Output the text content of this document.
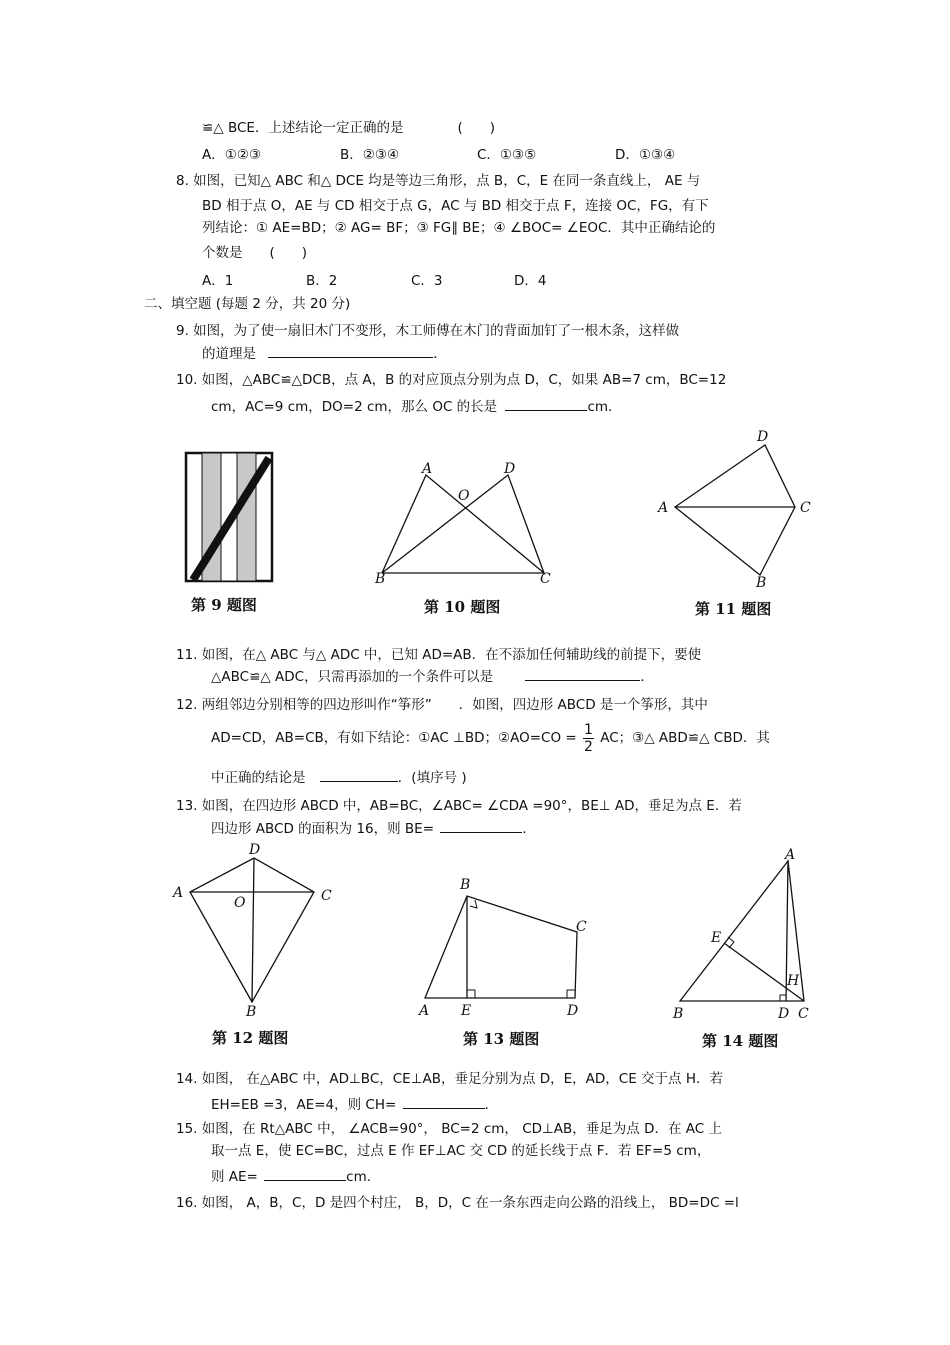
≌△ BCE．上述结论一定正确的是　　　　(　　)
A．①②③	B．②③④	C．①③⑤	D．①③④
8. 如图，已知△ ABC 和△ DCE 均是等边三角形，点 B，C，E 在同一条直线上， AE 与
BD 相于点 O，AE 与 CD 相交于点 G，AC 与 BD 相交于点 F，连接 OC，FG，有下
列结论：① AE=BD；② AG= BF；③ FG∥ BE；④ ∠BOC= ∠EOC．其中正确结论的
个数是　　(　　)
A．1	B．2	C．3	D．4
二、填空题 (每题 2 分，共 20 分)
9. 如图，为了使一扇旧木门不变形，木工师傅在木门的背面加钉了一根木条，这样做
的道理是	．
10. 如图，△ABC≌△DCB，点 A，B 的对应顶点分别为点 D，C，如果 AB=7 cm，BC=12
cm，AC=9 cm，DO=2 cm，那么 OC 的长是	cm．
第 9 题图
A	D
O
B	C
第 10 题图
D
A	C
B
第 11 题图
11. 如图，在△ ABC 与△ ADC 中，已知 AD=AB．在不添加任何辅助线的前提下，要使
△ABC≌△ ADC，只需再添加的一个条件可以是	．
12. 两组邻边分别相等的四边形叫作“筝形”　　．如图，四边形 ABCD 是一个筝形，其中
AD=CD，AB=CB，有如下结论：①AC ⊥BD；②AO=CO = $\frac{1}{2}$ AC；③△ ABD≌△ CBD．其
中正确的结论是	．(填序号 )
13. 如图，在四边形 ABCD 中，AB=BC，∠ABC= ∠CDA =90°，BE⊥ AD，垂足为点 E．若
四边形 ABCD 的面积为 16，则 BE=	．
D
A
O	C
B
第 12 题图
B
C
A E	D
第 13 题图
A
E
H
B	D C
第 14 题图
14. 如图， 在△ABC 中，AD⊥BC，CE⊥AB，垂足分别为点 D，E，AD，CE 交于点 H．若
EH=EB =3，AE=4，则 CH=	.
15. 如图，在 Rt△ABC 中， ∠ACB=90°， BC=2 cm， CD⊥AB，垂足为点 D．在 AC 上
取一点 E，使 EC=BC，过点 E 作 EF⊥AC 交 CD 的延长线于点 F．若 EF=5 cm，
则 AE=	cm.
16. 如图， A，B，C，D 是四个村庄， B，D，C 在一条东西走向公路的沿线上， BD=DC =l
